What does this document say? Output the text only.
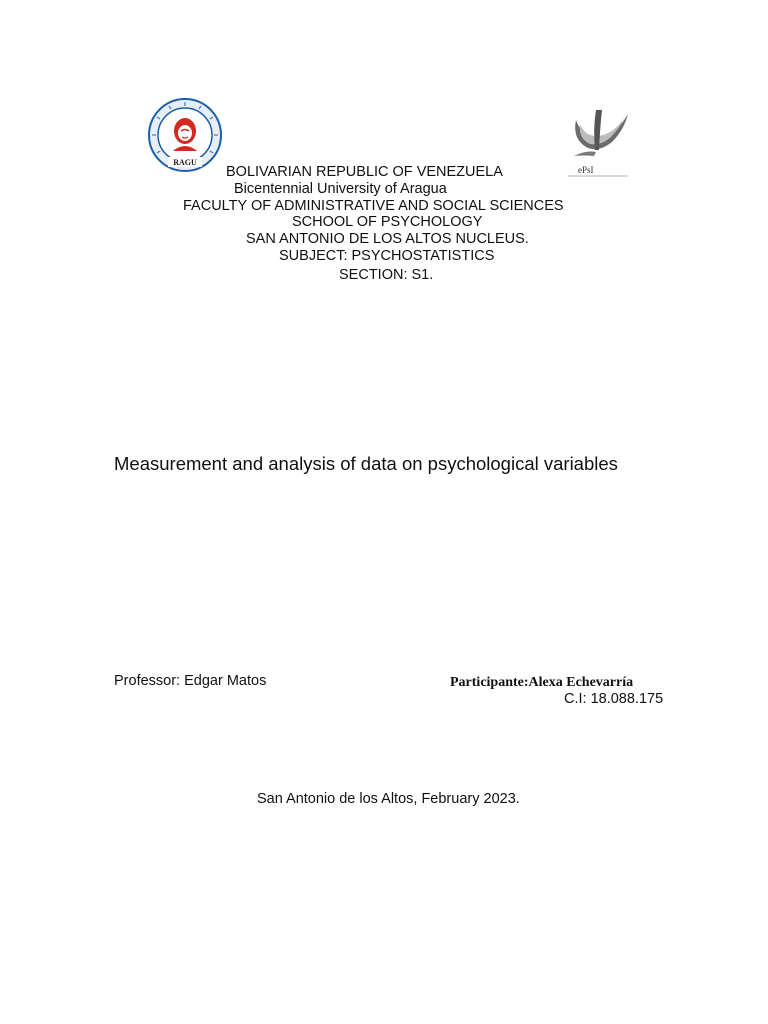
RAGU
ePsI
BOLIVARIAN REPUBLIC OF VENEZUELA
Bicentennial University of Aragua
FACULTY OF ADMINISTRATIVE AND SOCIAL SCIENCES
SCHOOL OF PSYCHOLOGY
SAN ANTONIO DE LOS ALTOS NUCLEUS.
SUBJECT: PSYCHOSTATISTICS
SECTION: S1.
Measurement and analysis of data on psychological variables
Professor: Edgar Matos	Participante:Alexa Echevarría
C.I: 18.088.175
San Antonio de los Altos, February 2023.
